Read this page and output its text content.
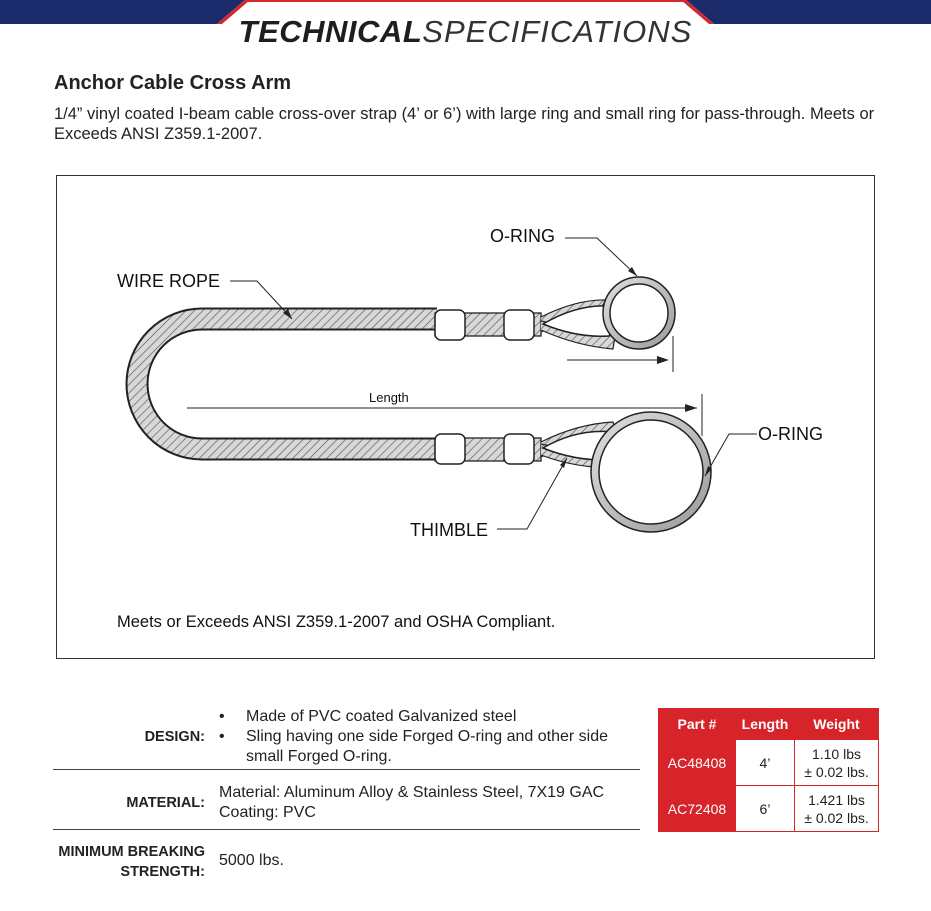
TECHNICALSPECIFICATIONS
Anchor Cable Cross Arm
1/4” vinyl coated I-beam cable cross-over strap (4’ or 6’) with large ring and small ring for pass-through. Meets or Exceeds ANSI Z359.1-2007.
WIRE ROPE
O-RING
O-RING
THIMBLE
Length
Meets or Exceeds ANSI Z359.1-2007 and OSHA Compliant.
DESIGN:
• Made of PVC coated Galvanized steel
• Sling having one side Forged O-ring and other side small Forged O-ring.
MATERIAL:
Material: Aluminum Alloy & Stainless Steel, 7X19 GAC
Coating: PVC
MINIMUM BREAKING
STRENGTH:
5000 lbs.
Part #	Length	Weight
AC48408	4’	1.10 lbs
± 0.02 lbs.

AC72408	6’	1.421 lbs
± 0.02 lbs.
